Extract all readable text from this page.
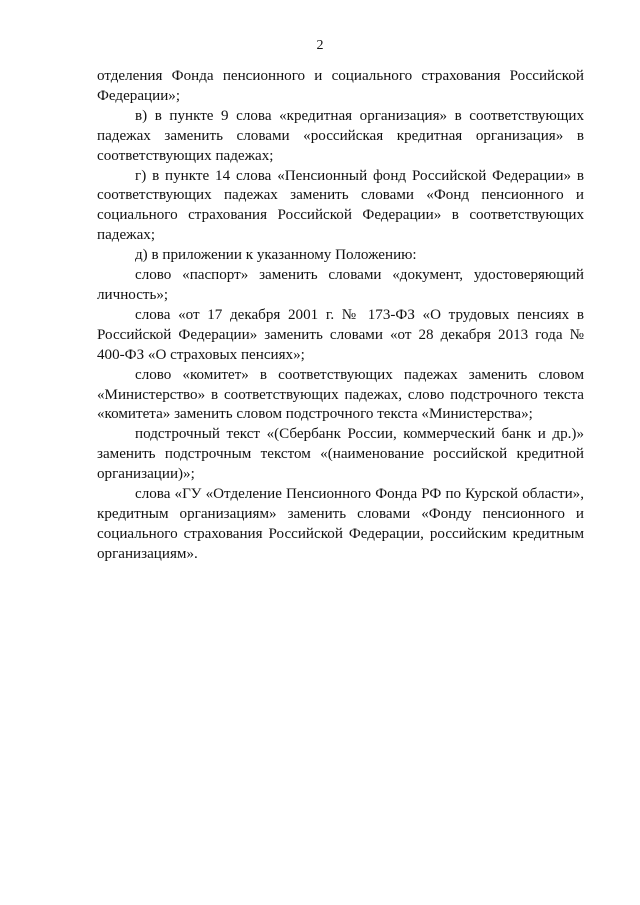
2

отделения Фонда пенсионного и социального страхования Российской Федерации»;

в) в пункте 9 слова «кредитная организация» в соответствующих падежах заменить словами «российская кредитная организация» в соответствующих падежах;

г) в пункте 14 слова «Пенсионный фонд Российской Федерации» в соответствующих падежах заменить словами «Фонд пенсионного и социального страхования Российской Федерации» в соответствующих падежах;

д) в приложении к указанному Положению:

слово «паспорт» заменить словами «документ, удостоверяющий личность»;

слова «от 17 декабря 2001 г. № 173-ФЗ «О трудовых пенсиях в Российской Федерации» заменить словами «от 28 декабря 2013 года № 400-ФЗ «О страховых пенсиях»;

слово «комитет» в соответствующих падежах заменить словом «Министерство» в соответствующих падежах, слово подстрочного текста «комитета» заменить словом подстрочного текста «Министерства»;

подстрочный текст «(Сбербанк России, коммерческий банк и др.)» заменить подстрочным текстом «(наименование российской кредитной организации)»;

слова «ГУ «Отделение Пенсионного Фонда РФ по Курской области», кредитным организациям» заменить словами «Фонду пенсионного и социального страхования Российской Федерации, российским кредитным организациям».
